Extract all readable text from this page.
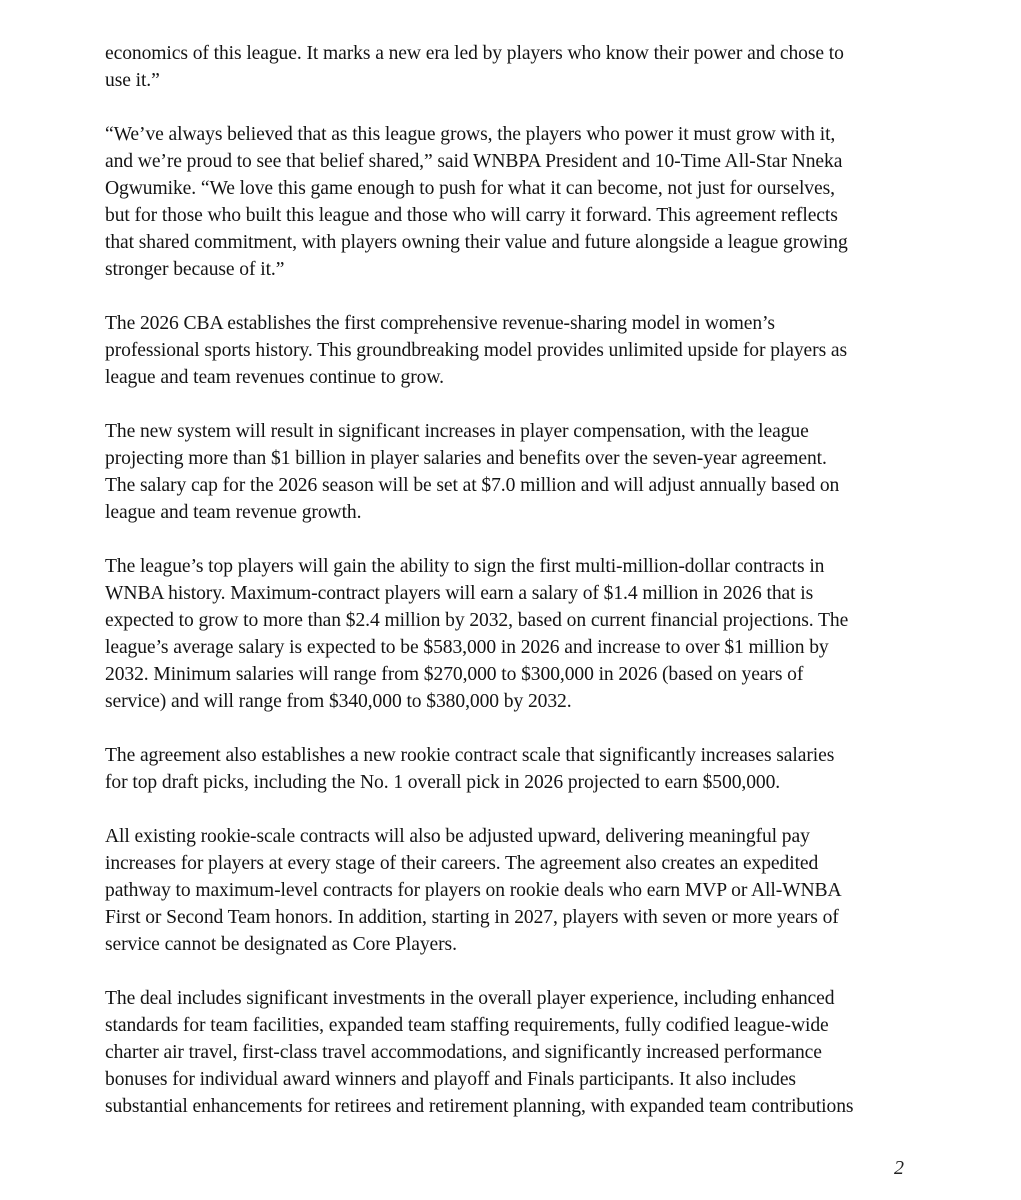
economics of this league. It marks a new era led by players who know their power and chose to
use it.”

“We’ve always believed that as this league grows, the players who power it must grow with it,
and we’re proud to see that belief shared,” said WNBPA President and 10-Time All-Star Nneka
Ogwumike. “We love this game enough to push for what it can become, not just for ourselves,
but for those who built this league and those who will carry it forward. This agreement reflects
that shared commitment, with players owning their value and future alongside a league growing
stronger because of it.”

The 2026 CBA establishes the first comprehensive revenue-sharing model in women’s
professional sports history. This groundbreaking model provides unlimited upside for players as
league and team revenues continue to grow.

The new system will result in significant increases in player compensation, with the league
projecting more than $1 billion in player salaries and benefits over the seven-year agreement.
The salary cap for the 2026 season will be set at $7.0 million and will adjust annually based on
league and team revenue growth.

The league’s top players will gain the ability to sign the first multi-million-dollar contracts in
WNBA history. Maximum-contract players will earn a salary of $1.4 million in 2026 that is
expected to grow to more than $2.4 million by 2032, based on current financial projections. The
league’s average salary is expected to be $583,000 in 2026 and increase to over $1 million by
2032. Minimum salaries will range from $270,000 to $300,000 in 2026 (based on years of
service) and will range from $340,000 to $380,000 by 2032.

The agreement also establishes a new rookie contract scale that significantly increases salaries
for top draft picks, including the No. 1 overall pick in 2026 projected to earn $500,000.

All existing rookie-scale contracts will also be adjusted upward, delivering meaningful pay
increases for players at every stage of their careers. The agreement also creates an expedited
pathway to maximum-level contracts for players on rookie deals who earn MVP or All-WNBA
First or Second Team honors. In addition, starting in 2027, players with seven or more years of
service cannot be designated as Core Players.

The deal includes significant investments in the overall player experience, including enhanced
standards for team facilities, expanded team staffing requirements, fully codified league-wide
charter air travel, first-class travel accommodations, and significantly increased performance
bonuses for individual award winners and playoff and Finals participants. It also includes
substantial enhancements for retirees and retirement planning, with expanded team contributions

2
